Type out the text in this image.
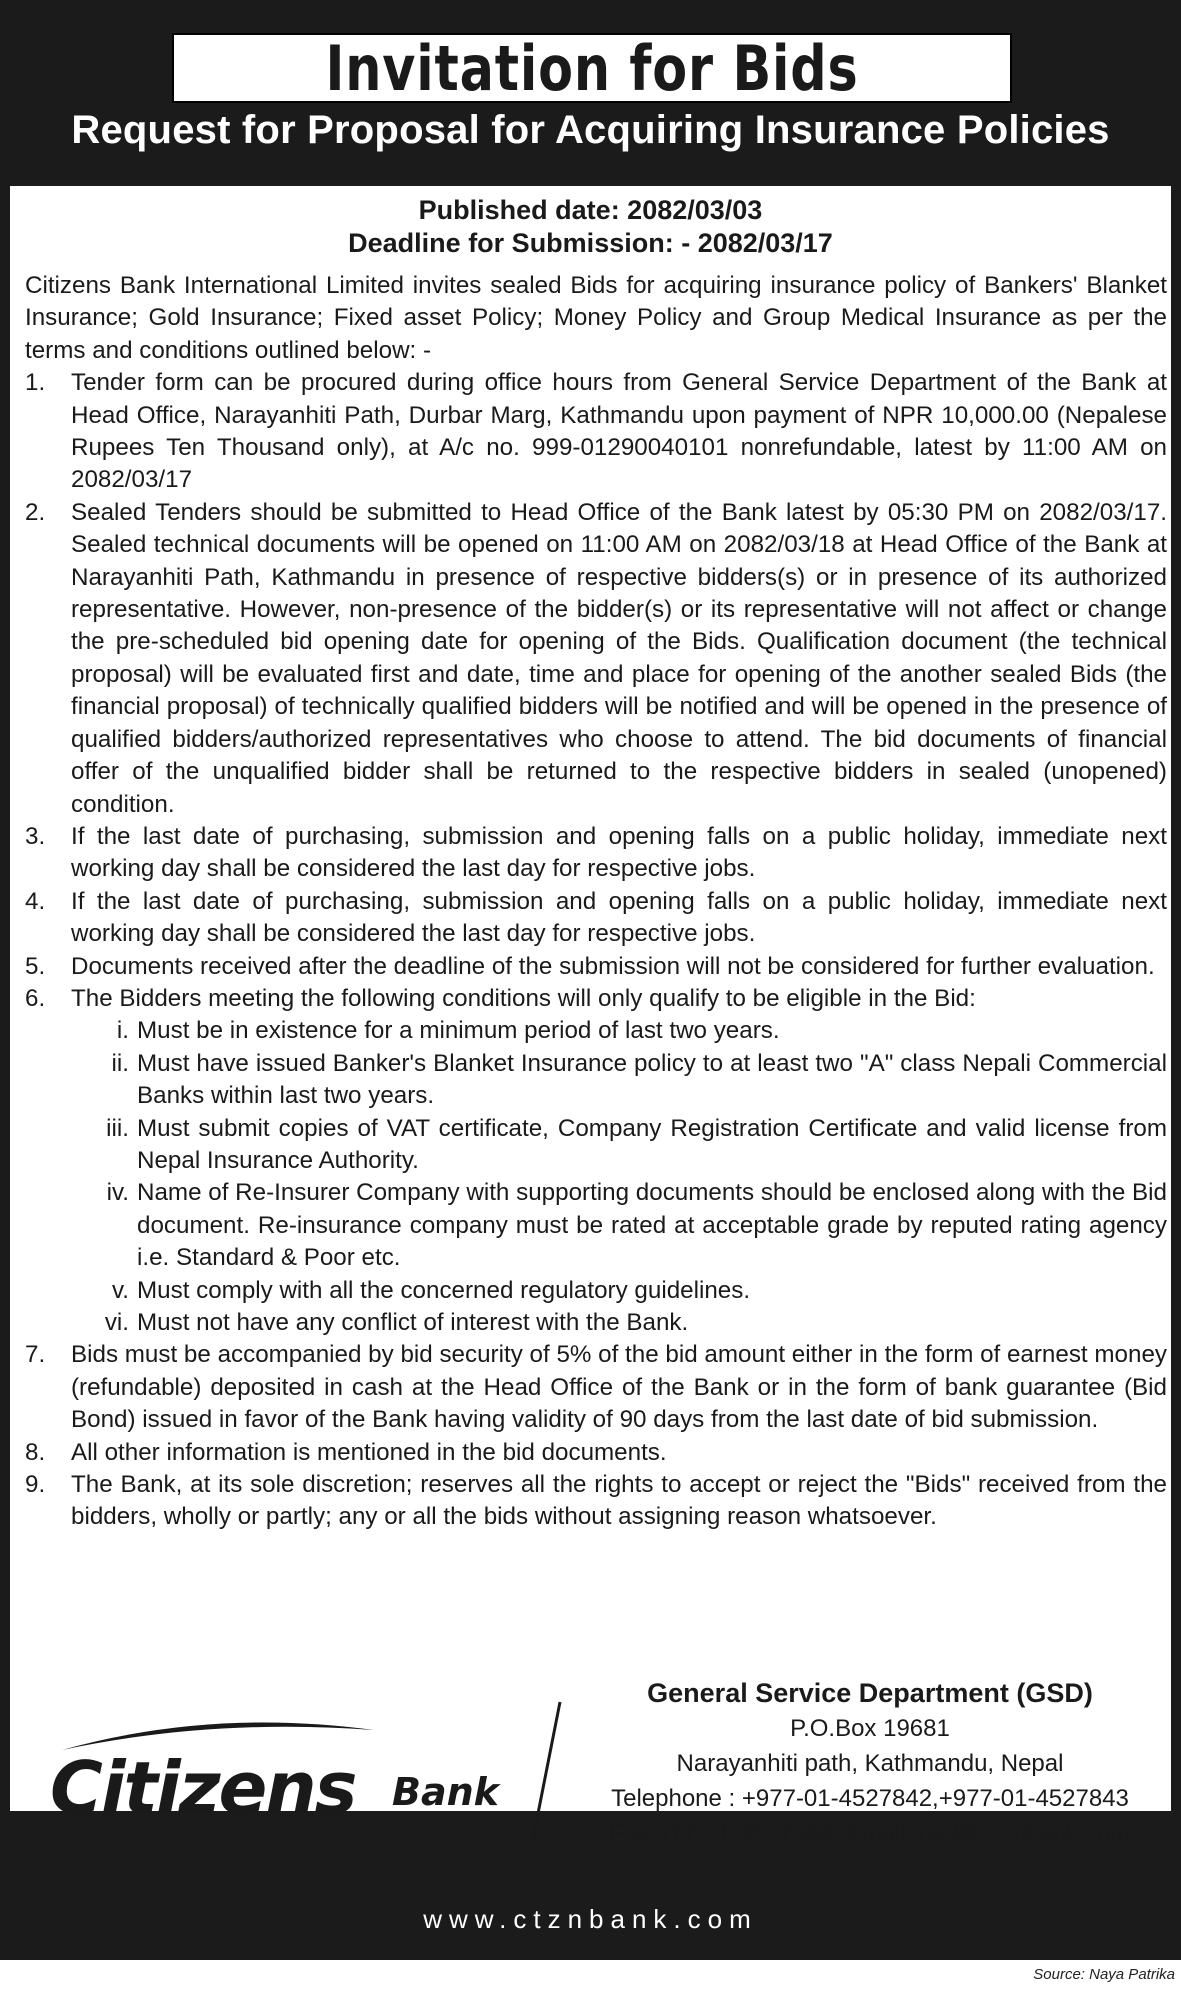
Invitation for Bids
Request for Proposal for Acquiring Insurance Policies
Published date: 2082/03/03
Deadline for Submission: - 2082/03/17

Citizens Bank International Limited invites sealed Bids for acquiring insurance policy of Bankers' Blanket Insurance; Gold Insurance; Fixed asset Policy; Money Policy and Group Medical Insurance as per the terms and conditions outlined below: -

1.	Tender form can be procured during office hours from General Service Department of the Bank at Head Office, Narayanhiti Path, Durbar Marg, Kathmandu upon payment of NPR 10,000.00 (Nepalese Rupees Ten Thousand only), at A/c no. 999-01290040101 nonrefundable, latest by 11:00 AM on 2082/03/17
2.	Sealed Tenders should be submitted to Head Office of the Bank latest by 05:30 PM on 2082/03/17. Sealed technical documents will be opened on 11:00 AM on 2082/03/18 at Head Office of the Bank at Narayanhiti Path, Kathmandu in presence of respective bidders(s) or in presence of its authorized representative. However, non-presence of the bidder(s) or its representative will not affect or change the pre-scheduled bid opening date for opening of the Bids. Qualification document (the technical proposal) will be evaluated first and date, time and place for opening of the another sealed Bids (the financial proposal) of technically qualified bidders will be notified and will be opened in the presence of qualified bidders/authorized representatives who choose to attend. The bid documents of financial offer of the unqualified bidder shall be returned to the respective bidders in sealed (unopened) condition.
3.	If the last date of purchasing, submission and opening falls on a public holiday, immediate next working day shall be considered the last day for respective jobs.
4.	If the last date of purchasing, submission and opening falls on a public holiday, immediate next working day shall be considered the last day for respective jobs.
5.	Documents received after the deadline of the submission will not be considered for further evaluation.
6.	The Bidders meeting the following conditions will only qualify to be eligible in the Bid:
i. Must be in existence for a minimum period of last two years.
ii. Must have issued Banker's Blanket Insurance policy to at least two "A" class Nepali Commercial Banks within last two years.
iii. Must submit copies of VAT certificate, Company Registration Certificate and valid license from Nepal Insurance Authority.
iv. Name of Re-Insurer Company with supporting documents should be enclosed along with the Bid document. Re-insurance company must be rated at acceptable grade by reputed rating agency i.e. Standard & Poor etc.
v. Must comply with all the concerned regulatory guidelines.
vi. Must not have any conflict of interest with the Bank.
7.	Bids must be accompanied by bid security of 5% of the bid amount either in the form of earnest money (refundable) deposited in cash at the Head Office of the Bank or in the form of bank guarantee (Bid Bond) issued in favor of the Bank having validity of 90 days from the last date of bid submission.
8.	All other information is mentioned in the bid documents.
9.	The Bank, at its sole discretion; reserves all the rights to accept or reject the "Bids" received from the bidders, wholly or partly; any or all the bids without assigning reason whatsoever.
Citizens Bank
General Service Department (GSD)
P.O.Box 19681
Narayanhiti path, Kathmandu, Nepal
Telephone : +977-01-4527842,+977-01-4527843
Fax 977-01-4527044, Email: gsd@ctznbank.com
www.ctznbank.com
Source: Naya Patrika
